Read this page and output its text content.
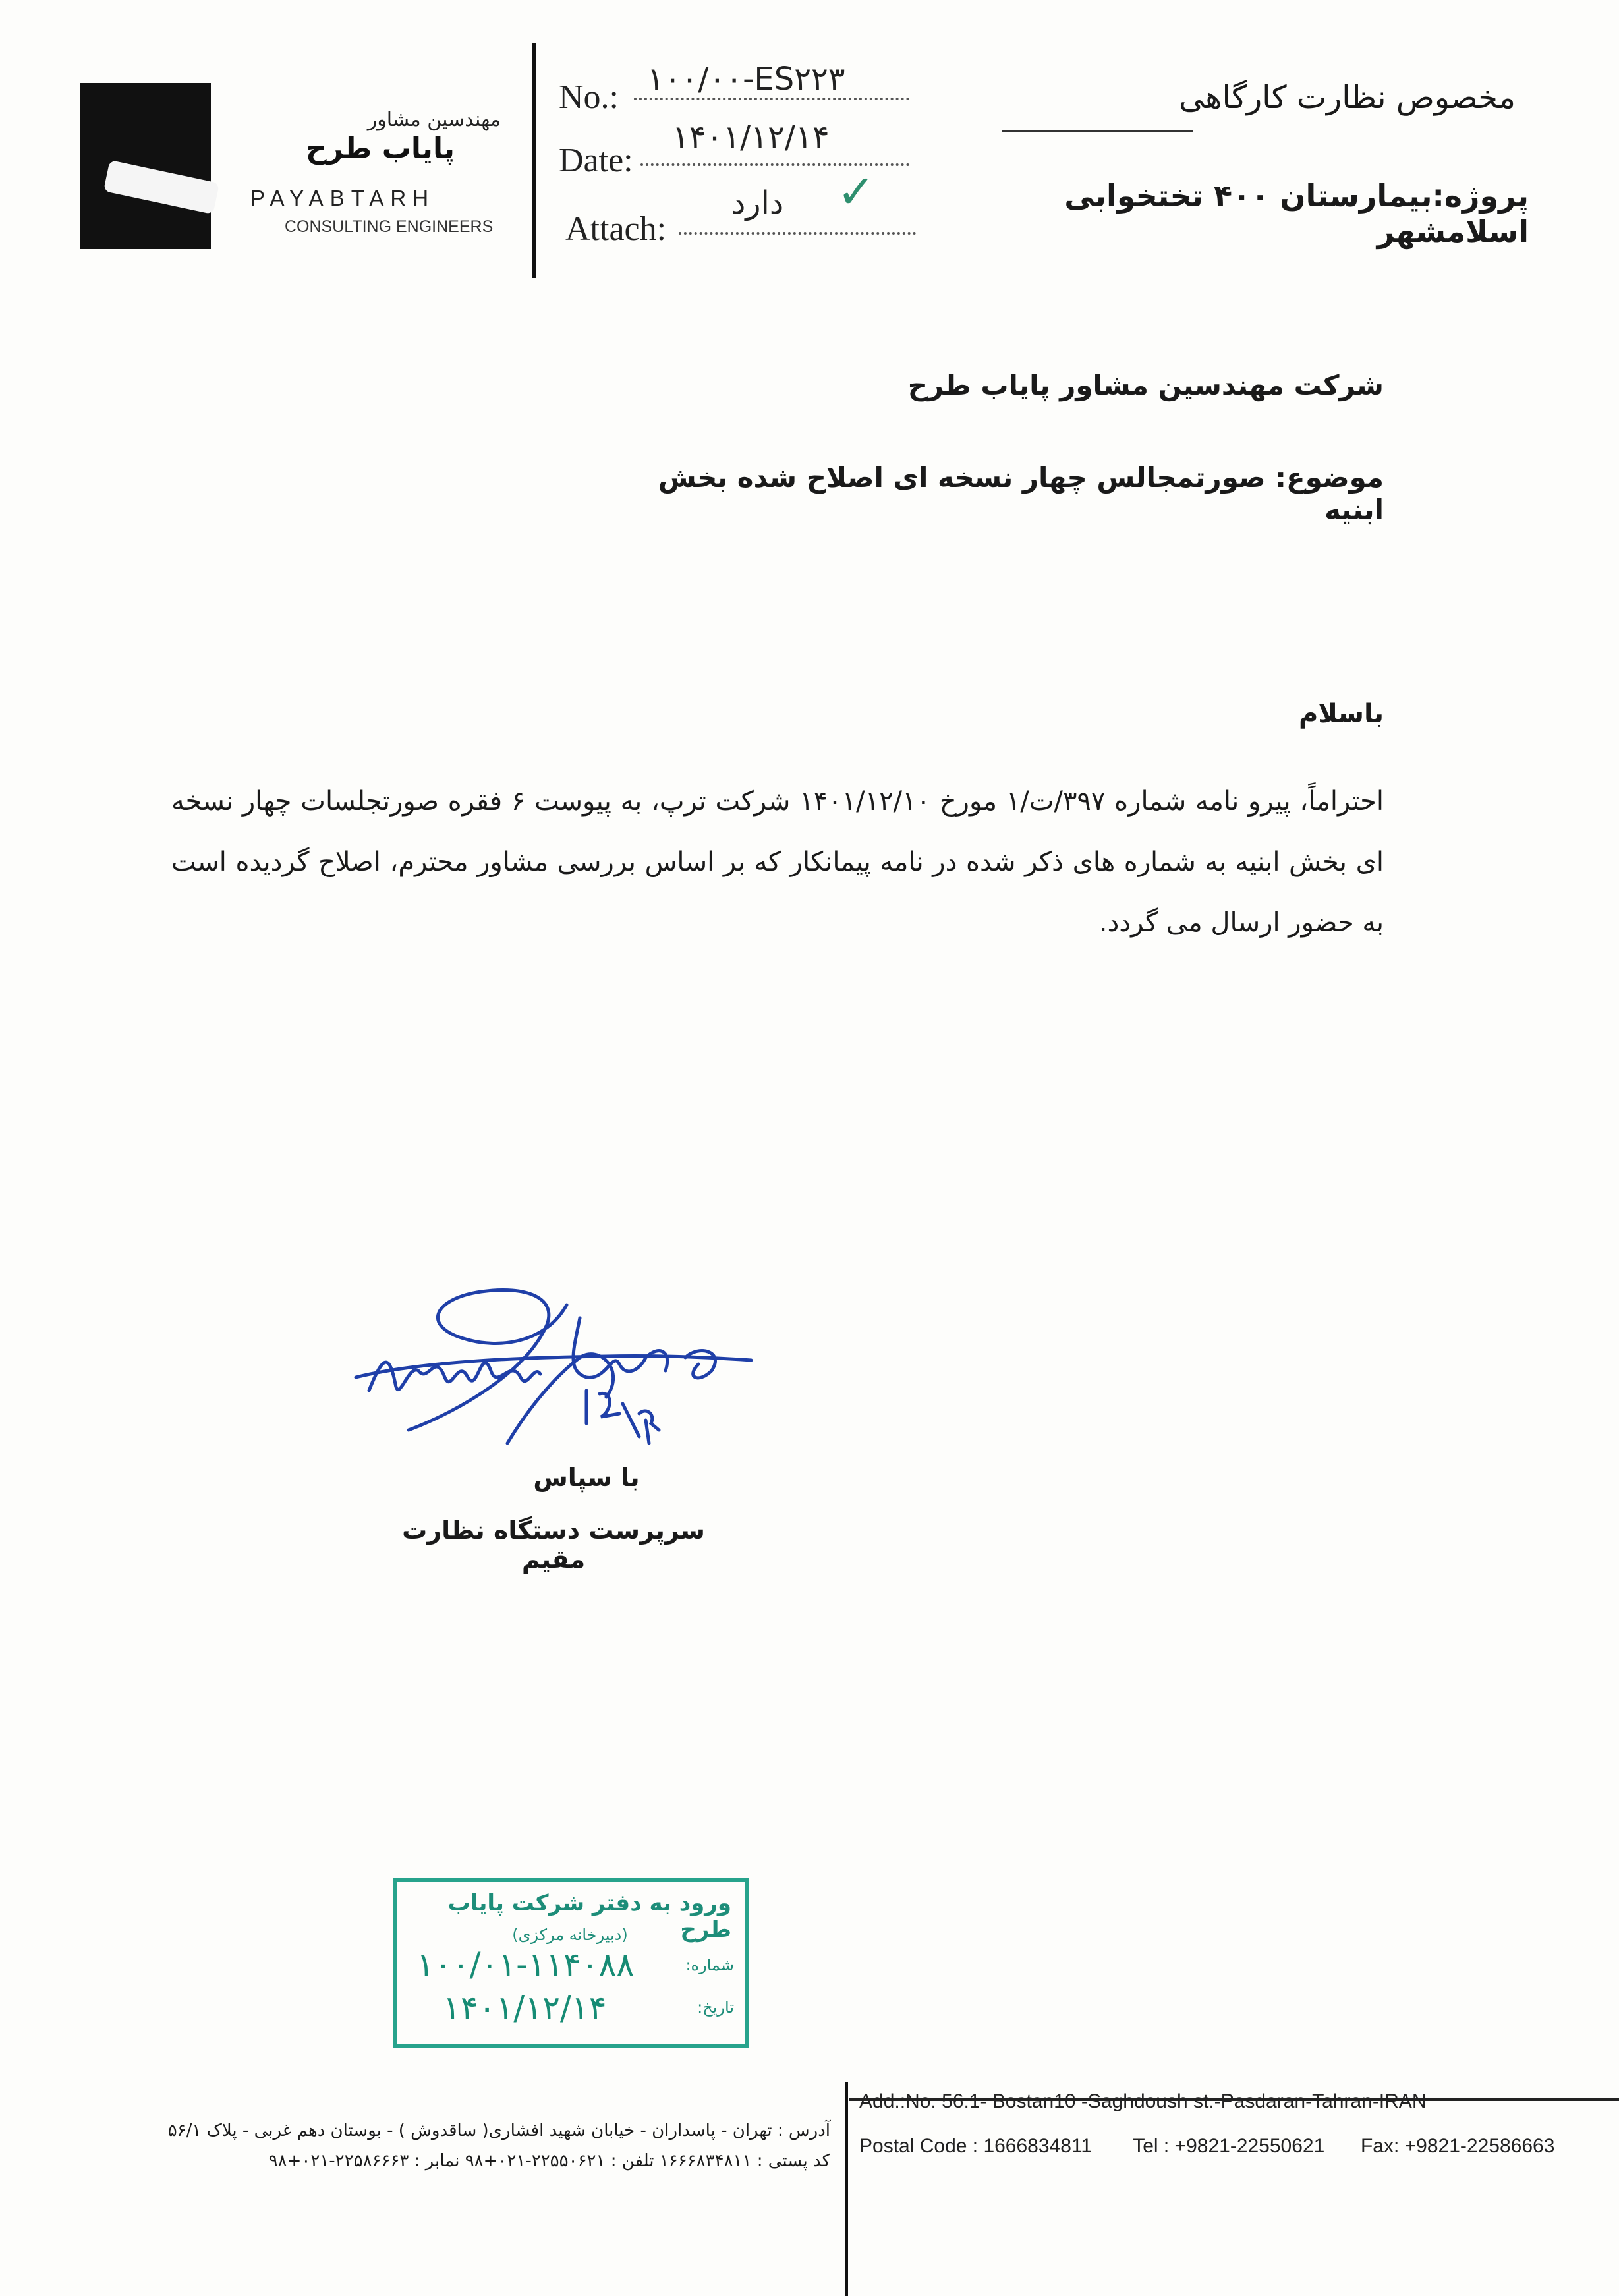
مهندسین مشاور
پایاب طرح
PAYABTARH
CONSULTING ENGINEERS
No.: ۱۰۰/۰۰-ES۲۲۳
Date:
۱۴۰۱/۱۲/۱۴
Attach:
دارد ✓
مخصوص نظارت کارگاهی
پروژه:بیمارستان ۴۰۰ تختخوابی اسلامشهر
شرکت مهندسین مشاور پایاب طرح
موضوع: صورتمجالس چهار نسخه ای اصلاح شده بخش ابنیه
باسلام
احتراماً، پیرو نامه شماره ۳۹۷/ت/۱ مورخ ۱۴۰۱/۱۲/۱۰ شرکت ترپ، به پیوست ۶ فقره صورتجلسات چهار نسخه ای بخش ابنیه به شماره های ذکر شده در نامه پیمانکار که بر اساس بررسی مشاور محترم، اصلاح گردیده است به حضور ارسال می گردد.
با سپاس
سرپرست دستگاه نظارت مقیم
ورود به دفتر شرکت پایاب طرح
(دبیرخانه مرکزی)
شماره:
۱۰۰/۰۱-۱۱۴۰۸۸
تاریخ:
۱۴۰۱/۱۲/۱۴
آدرس : تهران - پاسداران - خیابان شهید افشاری( ساقدوش ) - بوستان دهم غربی - پلاک ۵۶/۱
کد پستی : ۱۶۶۶۸۳۴۸۱۱ تلفن : ۲۲۵۵۰۶۲۱-۰۲۱+۹۸ نمابر : ۲۲۵۸۶۶۶۳-۰۲۱+۹۸
Add.:No. 56.1- Bostan10 -Saghdoush st.-Pasdaran-Tahran-IRAN
Postal Code : 1666834811 Tel : +9821-22550621 Fax: +9821-22586663
